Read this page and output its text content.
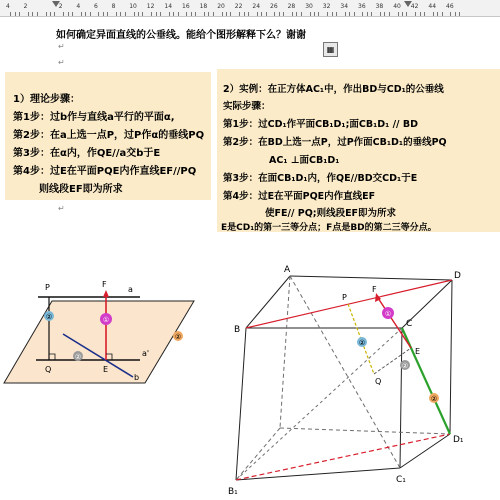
4 2	2 4 6 8 10 12 14 16 18 20 22 24 26 28 30 32 34 36 38 40 42 44 46
如何确定异面直线的公垂线。能给个图形解释下么？谢谢
↵	▦
↵
1）理论步骤：
第1步：过b作与直线a平行的平面α,
第2步：在a上选一点P，过P作α的垂线PQ
第3步：在α内，作QE//a交b于E
第4步：过E在平面PQE内作直线EF//PQ
则线段EF即为所求
2）实例：在正方体AC₁中，作出BD与CD₁的公垂线
实际步骤：
第1步：过CD₁作平面CB₁D₁;面CB₁D₁ // BD
第2步：在BD上选一点P，过P作面CB₁D₁的垂线PQ
AC₁ ⊥面CB₁D₁
第3步：在面CB₁D₁内，作QE//BD交CD₁于E
第4步：过E在平面PQE内作直线EF
使FE// PQ;则线段EF即为所求
E是CD₁的第一三等分点；F点是BD的第二三等分点。
↵
②	①
②
②
P	F
a
a'
Q	E
b
②
①
②
②
A
D
B
C
P
F
E
Q
B₁
C₁
D₁
